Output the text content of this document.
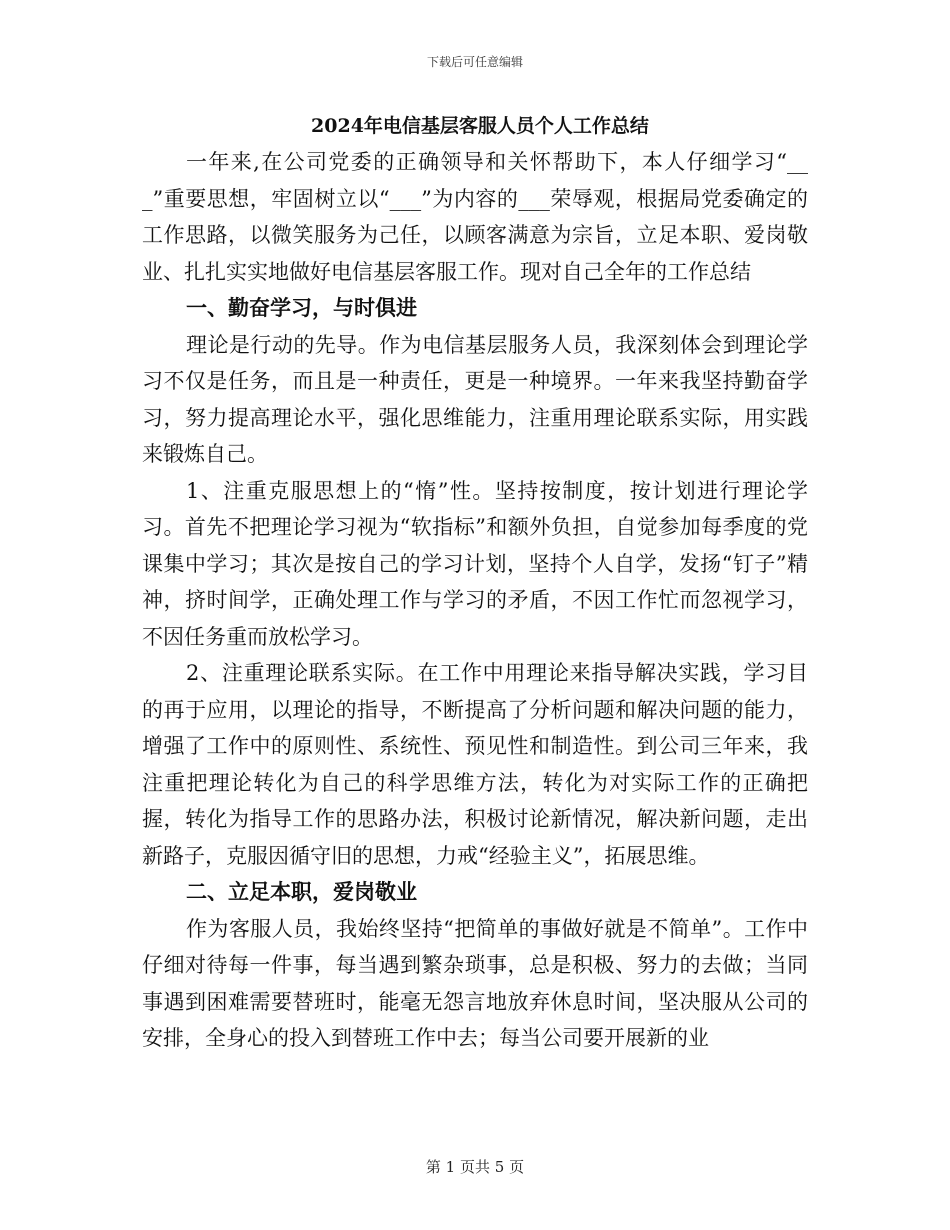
下载后可任意编辑
2024年电信基层客服人员个人工作总结

一年来,在公司党委的正确领导和关怀帮助下，本人仔细学习“___”重要思想，牢固树立以“___”为内容的___荣辱观，根据局党委确定的工作思路，以微笑服务为己任，以顾客满意为宗旨，立足本职、爱岗敬业、扎扎实实地做好电信基层客服工作。现对自己全年的工作总结

一、勤奋学习，与时俱进

理论是行动的先导。作为电信基层服务人员，我深刻体会到理论学习不仅是任务，而且是一种责任，更是一种境界。一年来我坚持勤奋学习，努力提高理论水平，强化思维能力，注重用理论联系实际，用实践来锻炼自己。

1、注重克服思想上的“惰”性。坚持按制度，按计划进行理论学习。首先不把理论学习视为“软指标”和额外负担，自觉参加每季度的党课集中学习；其次是按自己的学习计划，坚持个人自学，发扬“钉子”精神，挤时间学，正确处理工作与学习的矛盾，不因工作忙而忽视学习，不因任务重而放松学习。

2、注重理论联系实际。在工作中用理论来指导解决实践，学习目的再于应用，以理论的指导，不断提高了分析问题和解决问题的能力，增强了工作中的原则性、系统性、预见性和制造性。到公司三年来，我注重把理论转化为自己的科学思维方法，转化为对实际工作的正确把握，转化为指导工作的思路办法，积极讨论新情况，解决新问题，走出新路子，克服因循守旧的思想，力戒“经验主义”，拓展思维。

二、立足本职，爱岗敬业

作为客服人员，我始终坚持“把简单的事做好就是不简单”。工作中仔细对待每一件事，每当遇到繁杂琐事，总是积极、努力的去做；当同事遇到困难需要替班时，能毫无怨言地放弃休息时间，坚决服从公司的安排，全身心的投入到替班工作中去；每当公司要开展新的业

第 1 页共 5 页
